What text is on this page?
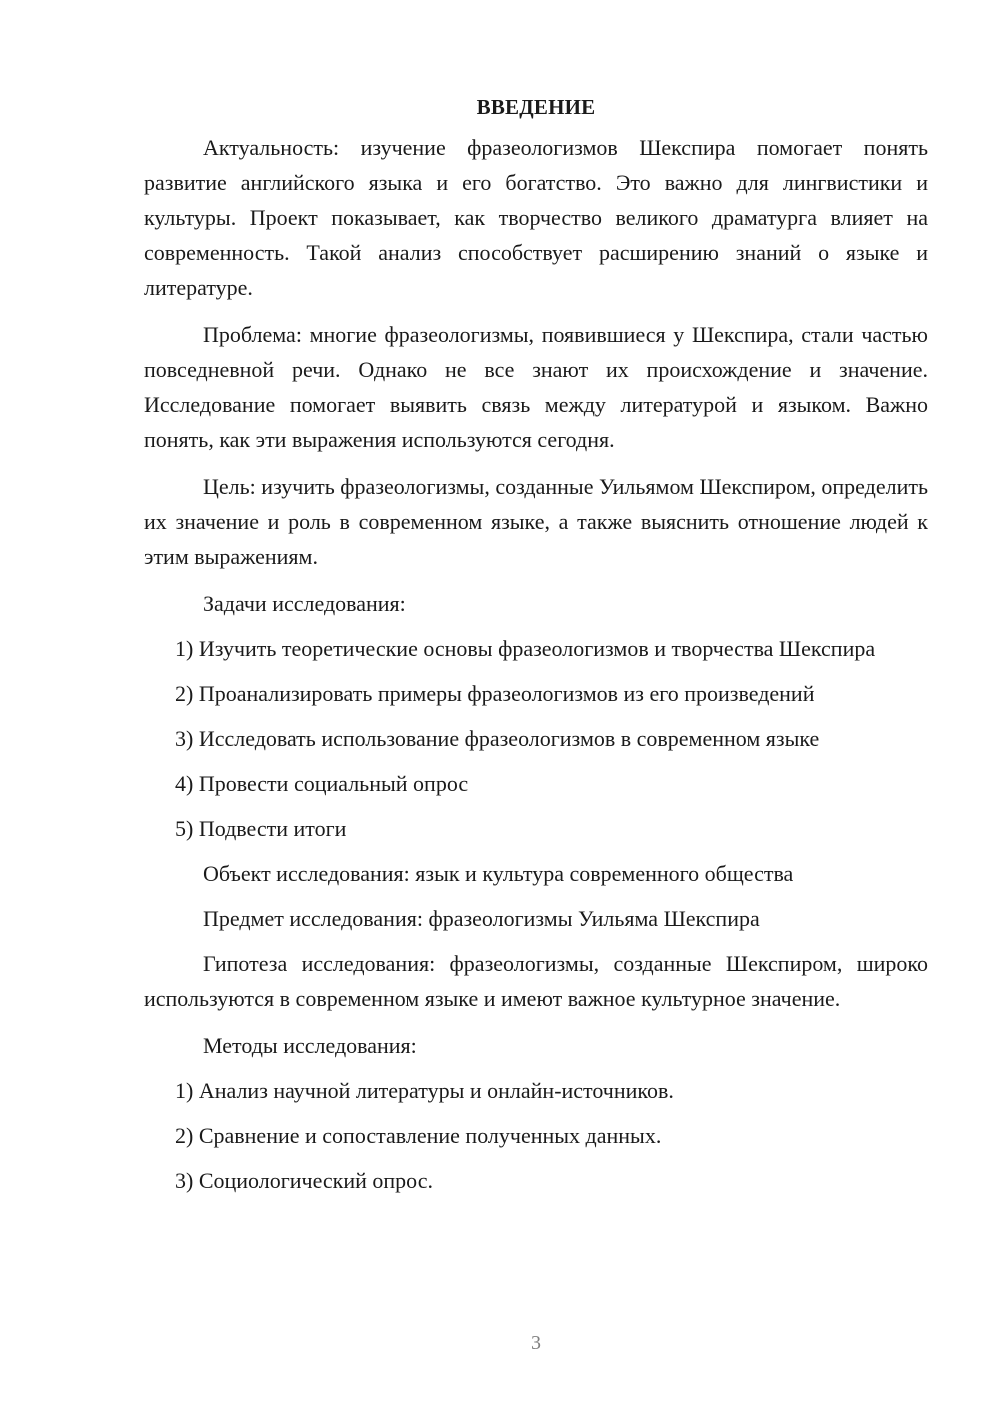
ВВЕДЕНИЕ

Актуальность: изучение фразеологизмов Шекспира помогает понять развитие английского языка и его богатство. Это важно для лингвистики и культуры. Проект показывает, как творчество великого драматурга влияет на современность. Такой анализ способствует расширению знаний о языке и литературе.

Проблема: многие фразеологизмы, появившиеся у Шекспира, стали частью повседневной речи. Однако не все знают их происхождение и значение. Исследование помогает выявить связь между литературой и языком. Важно понять, как эти выражения используются сегодня.

Цель: изучить фразеологизмы, созданные Уильямом Шекспиром, определить их значение и роль в современном языке, а также выяснить отношение людей к этим выражениям.

Задачи исследования:

1) Изучить теоретические основы фразеологизмов и творчества Шекспира

2) Проанализировать примеры фразеологизмов из его произведений

3) Исследовать использование фразеологизмов в современном языке

4) Провести социальный опрос

5) Подвести итоги

Объект исследования: язык и культура современного общества

Предмет исследования: фразеологизмы Уильяма Шекспира

Гипотеза исследования: фразеологизмы, созданные Шекспиром, широко используются в современном языке и имеют важное культурное значение.

Методы исследования:

1) Анализ научной литературы и онлайн-источников.

2) Сравнение и сопоставление полученных данных.

3) Социологический опрос.

3
